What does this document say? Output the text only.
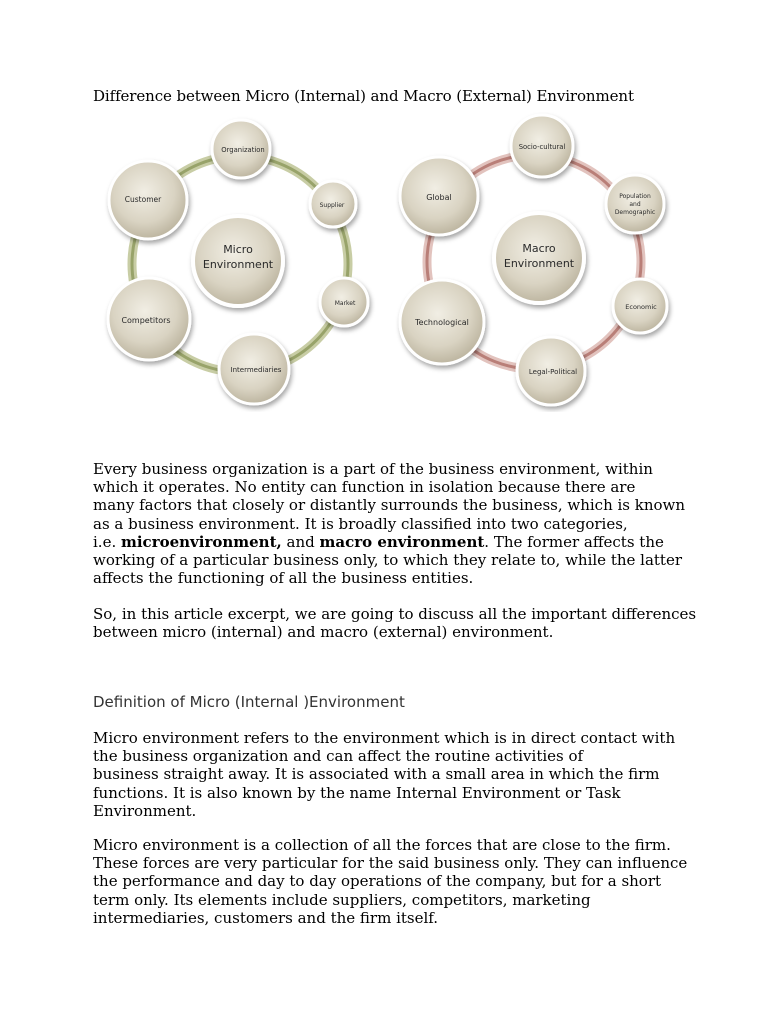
Difference between Micro (Internal) and Macro (External) Environment
Micro
Environment
Organization
Supplier
Market
Intermediaries
Competitors
Customer
Macro
Environment
Socio-cultural
Population
and
Demographic
Economic
Legal-Political
Technological
Global

Every business organization is a part of the business environment, within
which it operates. No entity can function in isolation because there are
many factors that closely or distantly surrounds the business, which is known
as a business environment. It is broadly classified into two categories,
i.e. microenvironment, and macro environment. The former affects the
working of a particular business only, to which they relate to, while the latter
affects the functioning of all the business entities.

So, in this article excerpt, we are going to discuss all the important differences
between micro (internal) and macro (external) environment.

Definition of Micro (Internal )Environment

Micro environment refers to the environment which is in direct contact with
the business organization and can affect the routine activities of
business straight away. It is associated with a small area in which the firm
functions. It is also known by the name Internal Environment or Task
Environment.

Micro environment is a collection of all the forces that are close to the firm.
These forces are very particular for the said business only. They can influence
the performance and day to day operations of the company, but for a short
term only. Its elements include suppliers, competitors, marketing
intermediaries, customers and the firm itself.
